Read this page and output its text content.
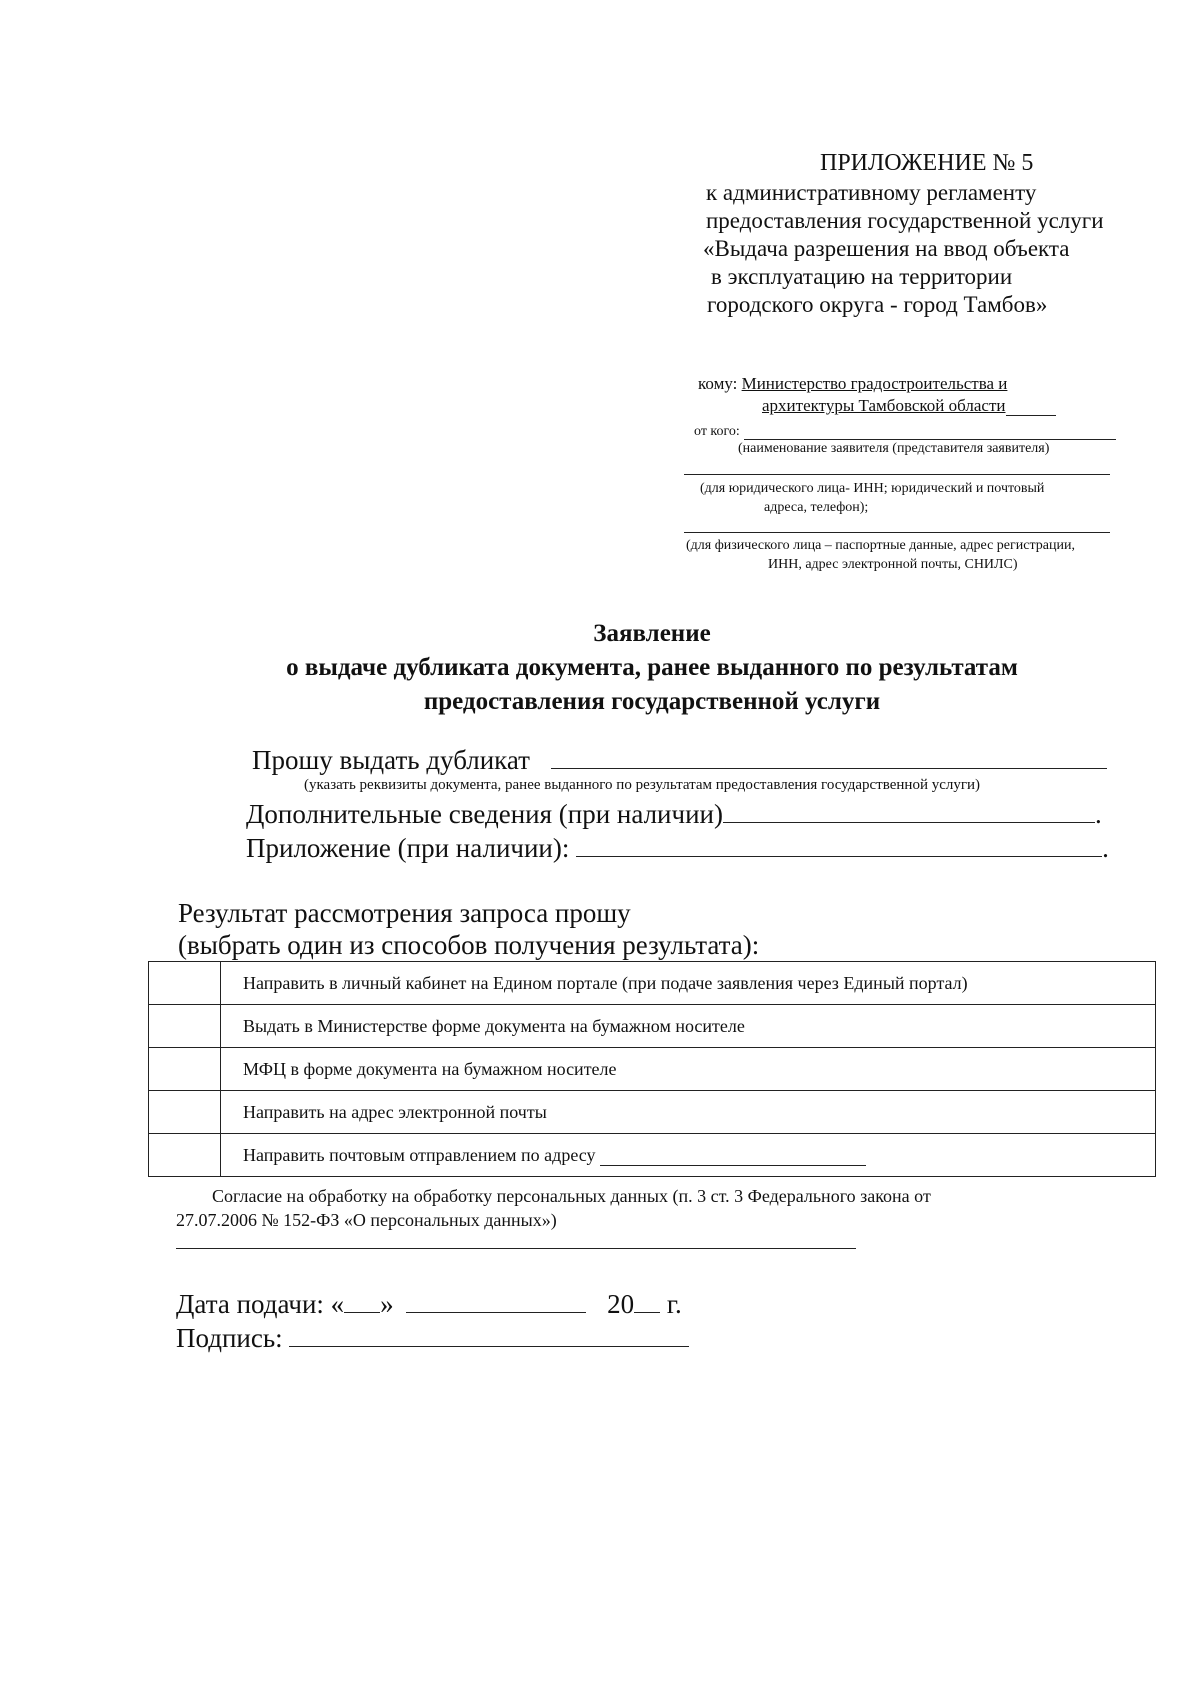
ПРИЛОЖЕНИЕ № 5
к административному регламенту
предоставления государственной услуги
«Выдача разрешения на ввод объекта
в эксплуатацию на территории
городского округа - город Тамбов»
кому: Министерство градостроительства и
архитектуры Тамбовской области
от кого:
(наименование заявителя (представителя заявителя)
(для юридического лица- ИНН; юридический и почтовый
адреса, телефон);
(для физического лица – паспортные данные, адрес регистрации,
ИНН, адрес электронной почты, СНИЛС)
Заявление
о выдаче дубликата документа, ранее выданного по результатам
предоставления государственной услуги
Прошу выдать дубликат
(указать реквизиты документа, ранее выданного по результатам предоставления государственной услуги)
Дополнительные сведения (при наличии)	.
Приложение (при наличии):	.
Результат рассмотрения запроса прошу
(выбрать один из способов получения результата):
	Направить в личный кабинет на Едином портале (при подаче заявления через Единый портал)
	Выдать в Министерстве форме документа на бумажном носителе
	МФЦ в форме документа на бумажном носителе
	Направить на адрес электронной почты
	Направить почтовым отправлением по адресу
Согласие на обработку на обработку персональных данных (п. 3 ст. 3 Федерального закона от
27.07.2006 № 152-ФЗ «О персональных данных»)
Дата подачи: « »	20 г.
Подпись:
